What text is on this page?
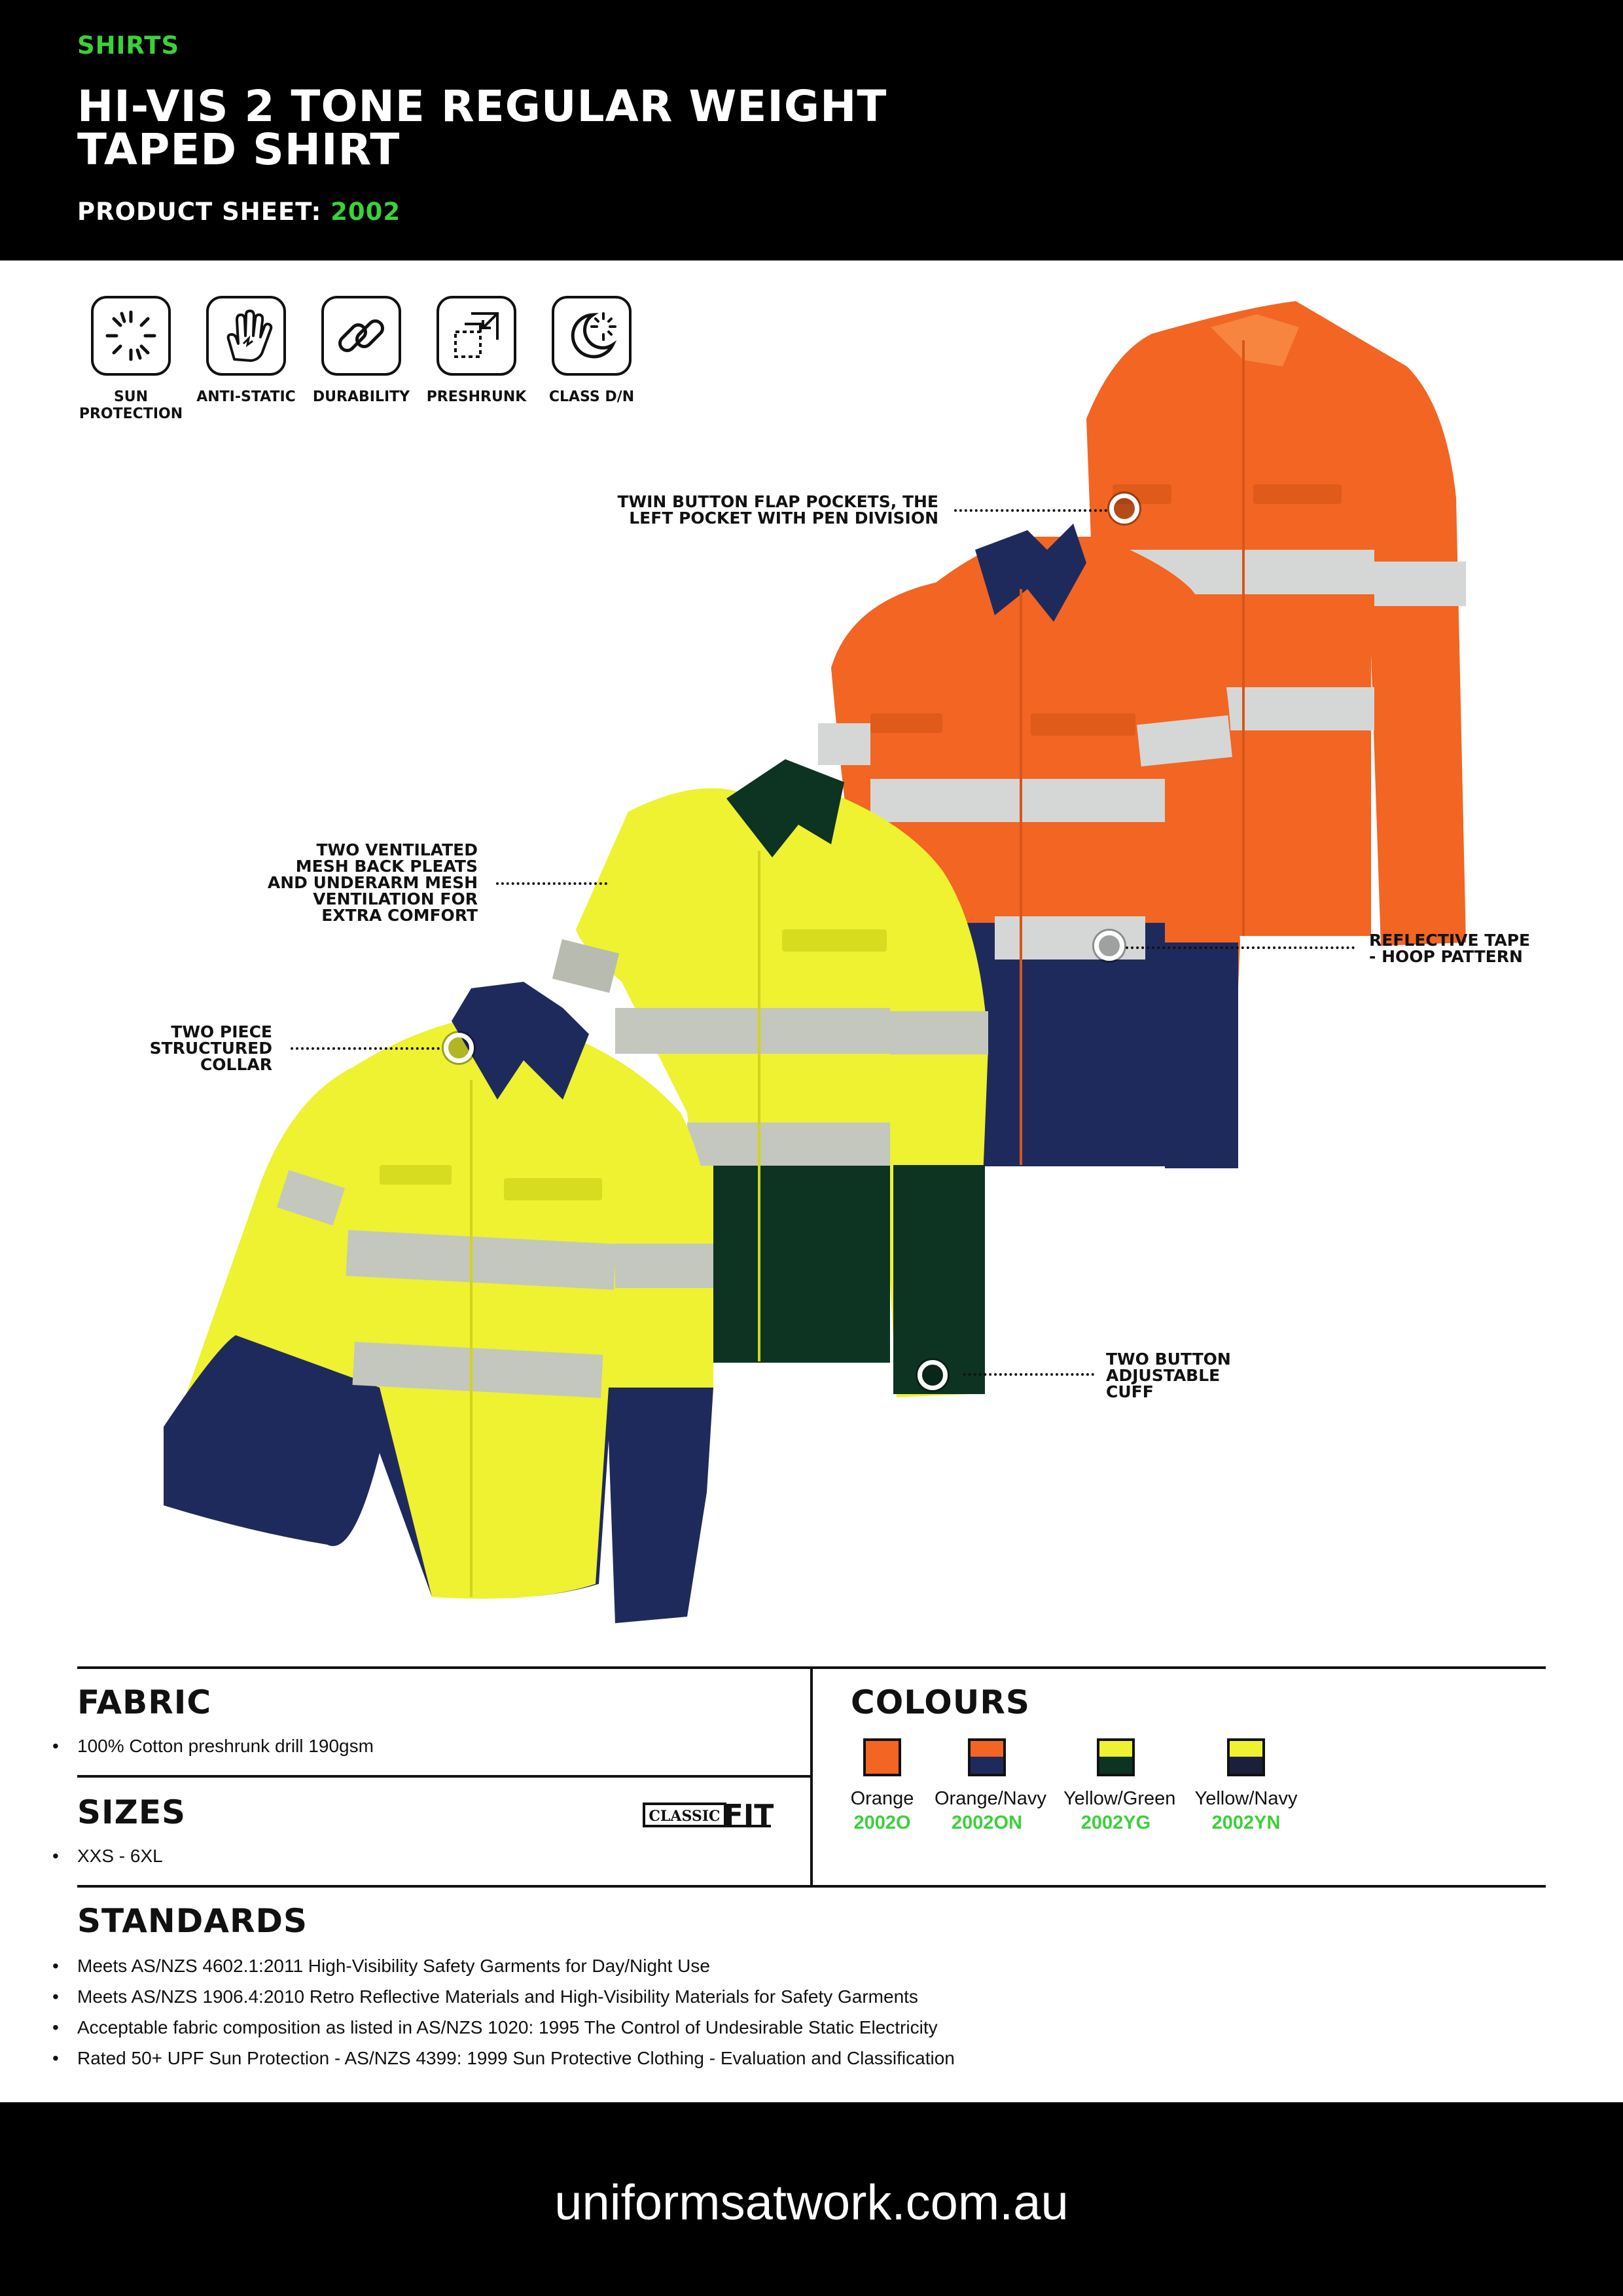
SHIRTS
HI-VIS 2 TONE REGULAR WEIGHT
TAPED SHIRT
PRODUCT SHEET: 2002
SUN
PROTECTION
ANTI-STATIC	DURABILITY	PRESHRUNK	CLASS D/N
TWIN BUTTON FLAP POCKETS, THE
LEFT POCKET WITH PEN DIVISION
TWO VENTILATED
MESH BACK PLEATS
AND UNDERARM MESH
VENTILATION FOR
EXTRA COMFORT
TWO PIECE
STRUCTURED
COLLAR
REFLECTIVE TAPE
- HOOP PATTERN
TWO BUTTON
ADJUSTABLE
CUFF
FABRIC
• 100% Cotton preshrunk drill 190gsm
SIZES
• XXS - 6XL
CLASSIC FIT
COLOURS
Orange
2002O
Orange/Navy
2002ON
Yellow/Green
2002YG
Yellow/Navy
2002YN
STANDARDS
• Meets AS/NZS 4602.1:2011 High-Visibility Safety Garments for Day/Night Use
• Meets AS/NZS 1906.4:2010 Retro Reflective Materials and High-Visibility Materials for Safety Garments
• Acceptable fabric composition as listed in AS/NZS 1020: 1995 The Control of Undesirable Static Electricity
• Rated 50+ UPF Sun Protection - AS/NZS 4399: 1999 Sun Protective Clothing - Evaluation and Classification
uniformsatwork.com.au
